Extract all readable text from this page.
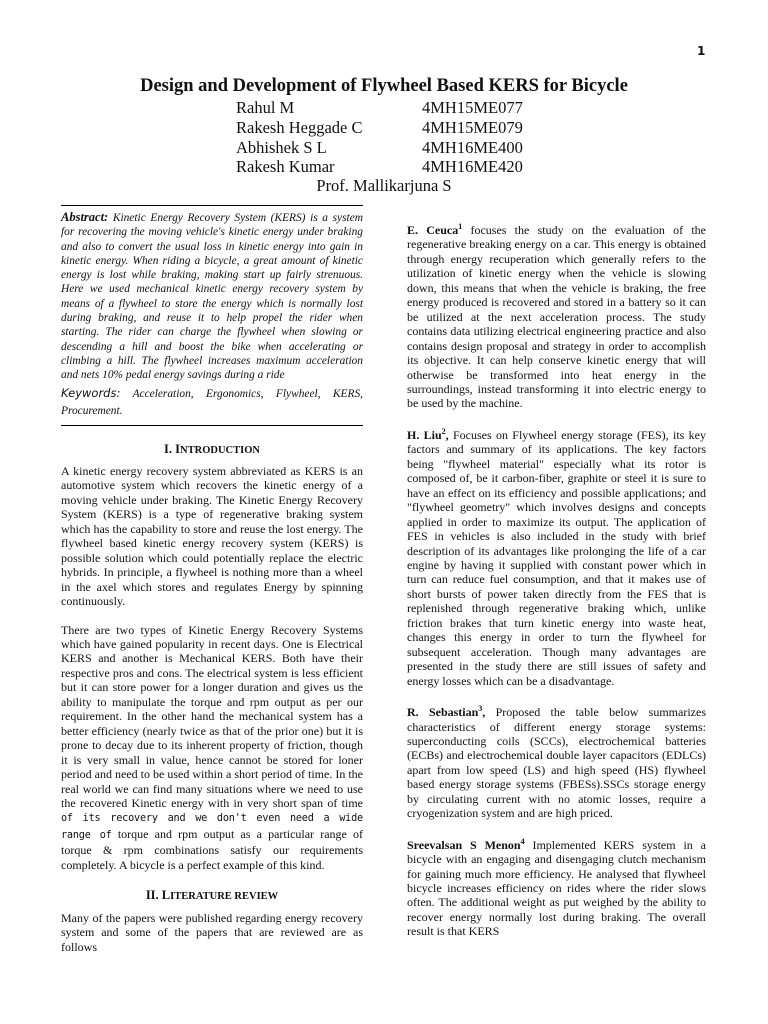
1
Design and Development of Flywheel Based KERS for Bicycle
Rahul M	4MH15ME077
Rakesh Heggade C	4MH15ME079
Abhishek S L	4MH16ME400
Rakesh Kumar	4MH16ME420
Prof. Mallikarjuna S

Abstract: Kinetic Energy Recovery System (KERS) is a system for recovering the moving vehicle's kinetic energy under braking and also to convert the usual loss in kinetic energy into gain in kinetic energy. When riding a bicycle, a great amount of kinetic energy is lost while braking, making start up fairly strenuous. Here we used mechanical kinetic energy recovery system by means of a flywheel to store the energy which is normally lost during braking, and reuse it to help propel the rider when starting. The rider can charge the flywheel when slowing or descending a hill and boost the bike when accelerating or climbing a hill. The flywheel increases maximum acceleration and nets 10% pedal energy savings during a ride

Keywords: Acceleration, Ergonomics, Flywheel, KERS, Procurement.

I. INTRODUCTION

A kinetic energy recovery system abbreviated as KERS is an automotive system which recovers the kinetic energy of a moving vehicle under braking. The Kinetic Energy Recovery System (KERS) is a type of regenerative braking system which has the capability to store and reuse the lost energy. The flywheel based kinetic energy recovery system (KERS) is possible solution which could potentially replace the electric hybrids. In principle, a flywheel is nothing more than a wheel in the axel which stores and regulates Energy by spinning continuously.

There are two types of Kinetic Energy Recovery Systems which have gained popularity in recent days. One is Electrical KERS and another is Mechanical KERS. Both have their respective pros and cons. The electrical system is less efficient but it can store power for a longer duration and gives us the ability to manipulate the torque and rpm output as per our requirement. In the other hand the mechanical system has a better efficiency (nearly twice as that of the prior one) but it is prone to decay due to its inherent property of friction, though it is very small in value, hence cannot be stored for loner period and need to be used within a short period of time. In the real world we can find many situations where we need to use the recovered Kinetic energy with in very short span of time of its recovery and we don't even need a wide range of torque and rpm output as a particular range of torque & rpm combinations satisfy our requirements completely. A bicycle is a perfect example of this kind.

II. LITERATURE REVIEW

Many of the papers were published regarding energy recovery system and some of the papers that are reviewed are as follows

E. Ceuca$^1$ focuses the study on the evaluation of the regenerative breaking energy on a car. This energy is obtained through energy recuperation which generally refers to the utilization of kinetic energy when the vehicle is slowing down, this means that when the vehicle is braking, the free energy produced is recovered and stored in a battery so it can be utilized at the next acceleration process. The study contains data utilizing electrical engineering practice and also contains design proposal and strategy in order to accomplish its objective. It can help conserve kinetic energy that will otherwise be transformed into heat energy in the surroundings, instead transforming it into electric energy to be used by the machine.

H. Liu$^2$, Focuses on Flywheel energy storage (FES), its key factors and summary of its applications. The key factors being "flywheel material" especially what its rotor is composed of, be it carbon-fiber, graphite or steel it is sure to have an effect on its efficiency and possible applications; and "flywheel geometry" which involves designs and concepts applied in order to maximize its output. The application of FES in vehicles is also included in the study with brief description of its advantages like prolonging the life of a car engine by having it supplied with constant power which in turn can reduce fuel consumption, and that it makes use of short bursts of power taken directly from the FES that is replenished through regenerative braking which, unlike friction brakes that turn kinetic energy into waste heat, changes this energy in order to turn the flywheel for subsequent acceleration. Though many advantages are presented in the study there are still issues of safety and energy losses which can be a disadvantage.

R. Sebastian$^3$, Proposed the table below summarizes characteristics of different energy storage systems: superconducting coils (SCCs), electrochemical batteries (ECBs) and electrochemical double layer capacitors (EDLCs) apart from low speed (LS) and high speed (HS) flywheel based energy storage systems (FBESs).SSCs storage energy by circulating current with no atomic losses, require a cryogenization system and are high priced.

Sreevalsan S Menon$^4$ Implemented KERS system in a bicycle with an engaging and disengaging clutch mechanism for gaining much more efficiency. He analysed that flywheel bicycle increases efficiency on rides where the rider slows often. The additional weight as put weighed by the ability to recover energy normally lost during braking. The overall result is that KERS
